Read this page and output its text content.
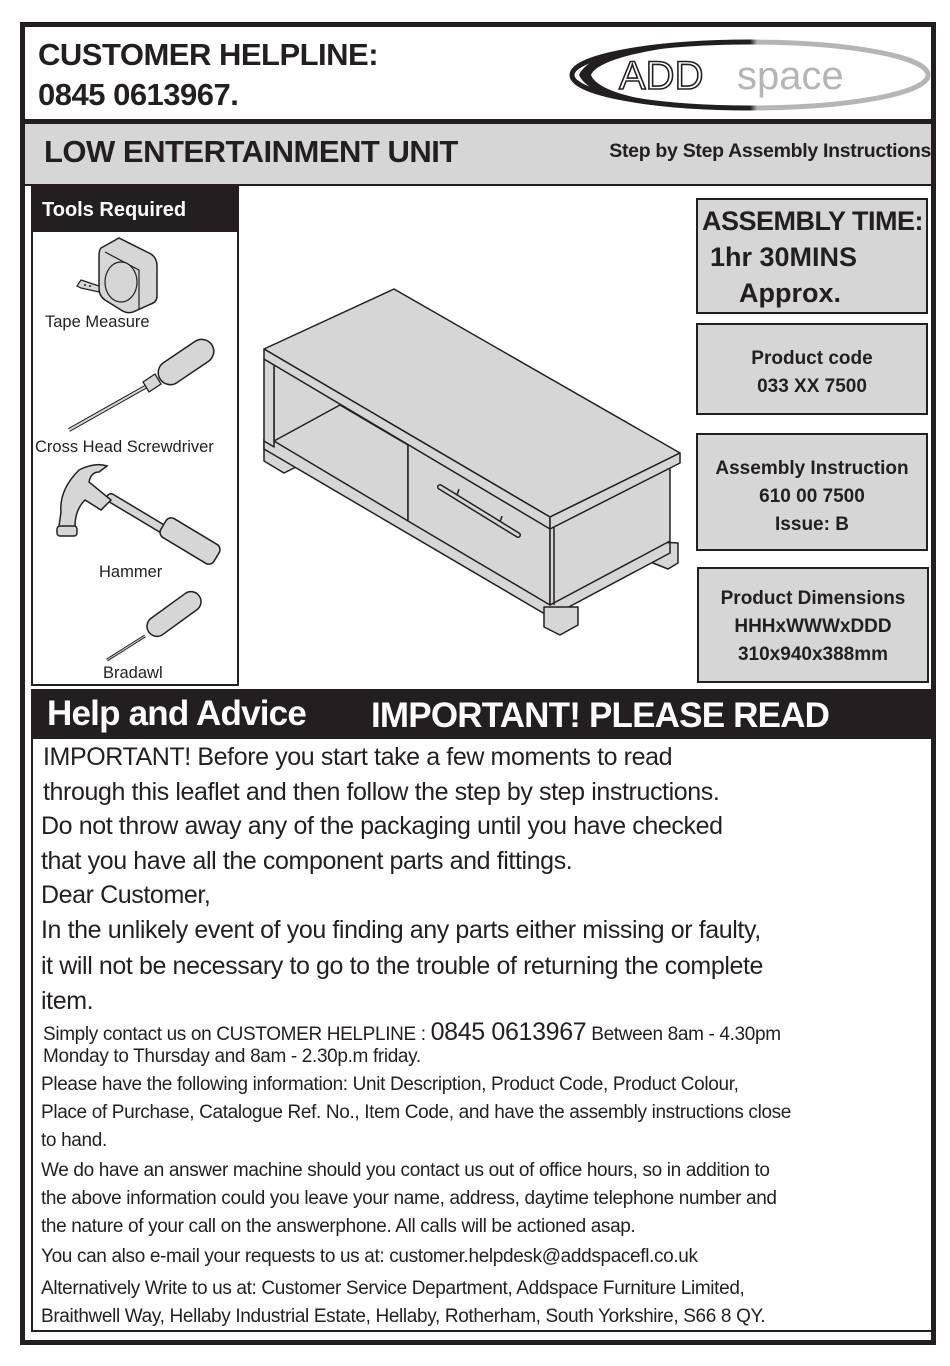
CUSTOMER HELPLINE:
0845 0613967.	ADD space
LOW ENTERTAINMENT UNIT	Step by Step Assembly Instructions
Tools Required
Tape Measure
Cross Head Screwdriver
Hammer
Bradawl
ASSEMBLY TIME:
1hr 30MINS
Approx.
Product code
033 XX 7500
Assembly Instruction
610 00 7500
Issue: B
Product Dimensions
HHHxWWWxDDD
310x940x388mm
Help and Advice IMPORTANT! PLEASE READ
IMPORTANT! Before you start take a few moments to read
through this leaflet and then follow the step by step instructions.
Do not throw away any of the packaging until you have checked
that you have all the component parts and fittings.
Dear Customer,
In the unlikely event of you finding any parts either missing or faulty,
it will not be necessary to go to the trouble of returning the complete
item.
Simply contact us on CUSTOMER HELPLINE : 0845 0613967 Between 8am - 4.30pm
Monday to Thursday and 8am - 2.30p.m friday.
Please have the following information: Unit Description, Product Code, Product Colour,
Place of Purchase, Catalogue Ref. No., Item Code, and have the assembly instructions close
to hand.
We do have an answer machine should you contact us out of office hours, so in addition to
the above information could you leave your name, address, daytime telephone number and
the nature of your call on the answerphone. All calls will be actioned asap.
You can also e-mail your requests to us at: customer.helpdesk@addspacefl.co.uk
Alternatively Write to us at: Customer Service Department, Addspace Furniture Limited,
Braithwell Way, Hellaby Industrial Estate, Hellaby, Rotherham, South Yorkshire, S66 8 QY.
